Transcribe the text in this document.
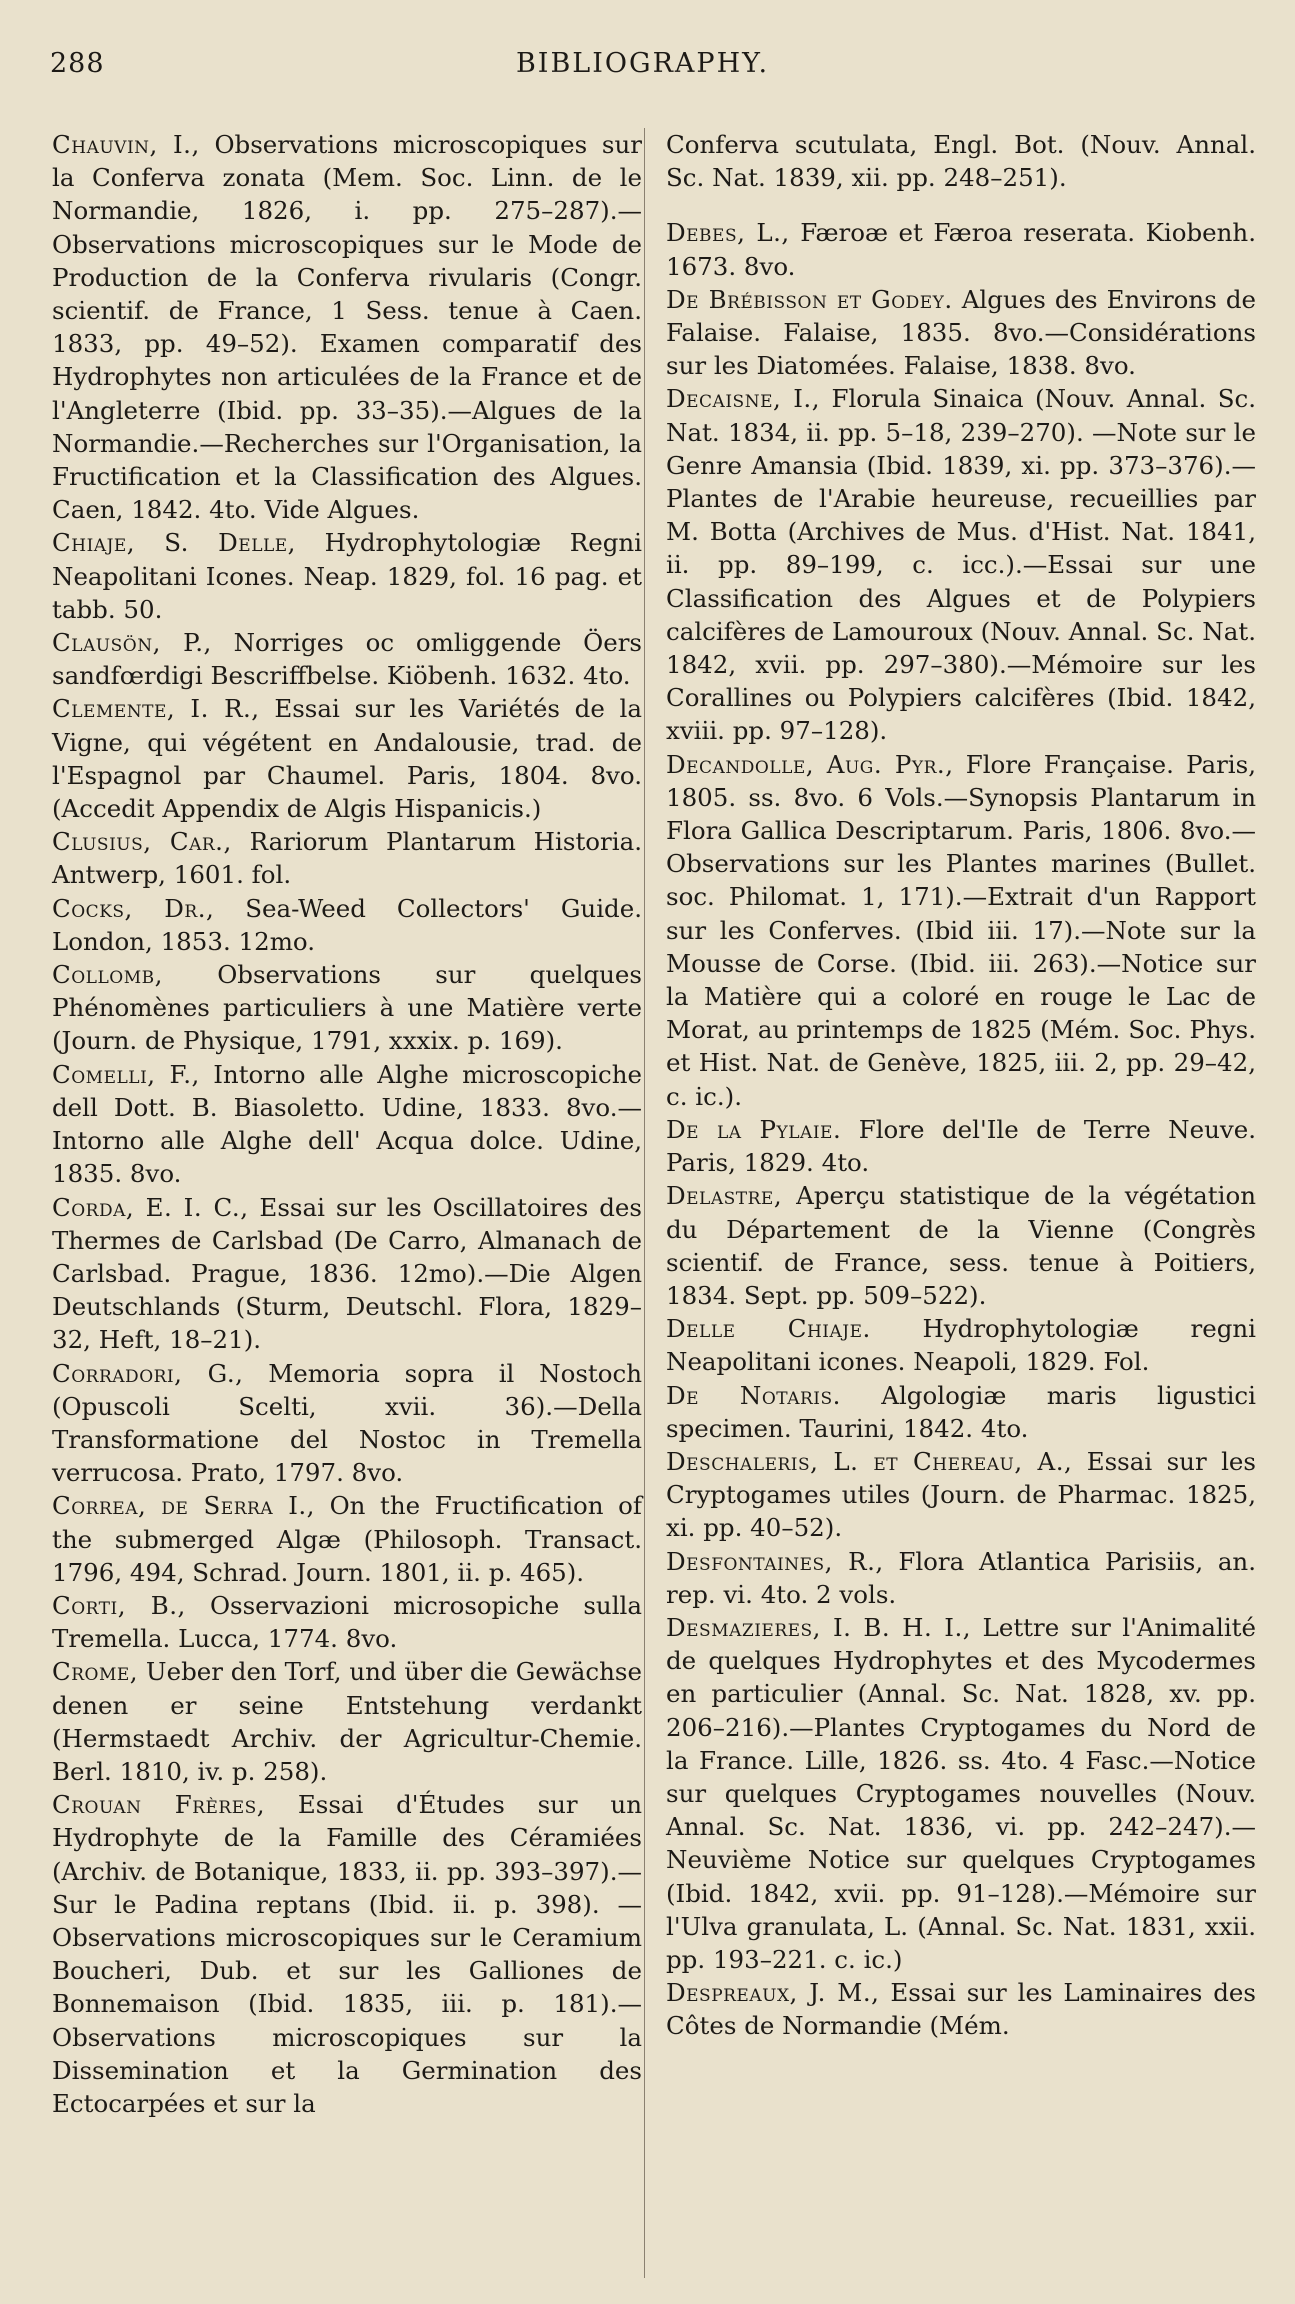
288	BIBLIOGRAPHY.
Chauvin, I., Observations microscopiques sur la Conferva zonata (Mem. Soc. Linn. de le Normandie, 1826, i. pp. 275–287).—Observations microscopiques sur le Mode de Production de la Conferva rivularis (Congr. scientif. de France, 1 Sess. tenue à Caen. 1833, pp. 49–52). Examen comparatif des Hydrophytes non articulées de la France et de l'Angleterre (Ibid. pp. 33–35).—Algues de la Normandie.—Recherches sur l'Organisation, la Fructification et la Classification des Algues. Caen, 1842. 4to. Vide Algues.
Chiaje, S. Delle, Hydrophytologiæ Regni Neapolitani Icones. Neap. 1829, fol. 16 pag. et tabb. 50.
Clausön, P., Norriges oc omliggende Öers sandfœrdigi Bescriffbelse. Kiöbenh. 1632. 4to.
Clemente, I. R., Essai sur les Variétés de la Vigne, qui végétent en Andalousie, trad. de l'Espagnol par Chaumel. Paris, 1804. 8vo. (Accedit Appendix de Algis Hispanicis.)
Clusius, Car., Rariorum Plantarum Historia. Antwerp, 1601. fol.
Cocks, Dr., Sea-Weed Collectors' Guide. London, 1853. 12mo.
Collomb, Observations sur quelques Phénomènes particuliers à une Matière verte (Journ. de Physique, 1791, xxxix. p. 169).
Comelli, F., Intorno alle Alghe microscopiche dell Dott. B. Biasoletto. Udine, 1833. 8vo.—Intorno alle Alghe dell' Acqua dolce. Udine, 1835. 8vo.
Corda, E. I. C., Essai sur les Oscillatoires des Thermes de Carlsbad (De Carro, Almanach de Carlsbad. Prague, 1836. 12mo).—Die Algen Deutschlands (Sturm, Deutschl. Flora, 1829–32, Heft, 18–21).
Corradori, G., Memoria sopra il Nostoch (Opuscoli Scelti, xvii. 36).—Della Transformatione del Nostoc in Tremella verrucosa. Prato, 1797. 8vo.
Correa, de Serra I., On the Fructification of the submerged Algæ (Philosoph. Transact. 1796, 494, Schrad. Journ. 1801, ii. p. 465).
Corti, B., Osservazioni microsopiche sulla Tremella. Lucca, 1774. 8vo.
Crome, Ueber den Torf, und über die Gewächse denen er seine Entstehung verdankt (Hermstaedt Archiv. der Agricultur-Chemie. Berl. 1810, iv. p. 258).
Crouan Frères, Essai d'Études sur un Hydrophyte de la Famille des Céramiées (Archiv. de Botanique, 1833, ii. pp. 393–397).—Sur le Padina reptans (Ibid. ii. p. 398). — Observations microscopiques sur le Ceramium Boucheri, Dub. et sur les Galliones de Bonnemaison (Ibid. 1835, iii. p. 181).—Observations microscopiques sur la Dissemination et la Germination des Ectocarpées et sur la
Conferva scutulata, Engl. Bot. (Nouv. Annal. Sc. Nat. 1839, xii. pp. 248–251).
Debes, L., Færoæ et Færoa reserata. Kiobenh. 1673. 8vo.
De Brébisson et Godey. Algues des Environs de Falaise. Falaise, 1835. 8vo.—Considérations sur les Diatomées. Falaise, 1838. 8vo.
Decaisne, I., Florula Sinaica (Nouv. Annal. Sc. Nat. 1834, ii. pp. 5–18, 239–270). —Note sur le Genre Amansia (Ibid. 1839, xi. pp. 373–376).—Plantes de l'Arabie heureuse, recueillies par M. Botta (Archives de Mus. d'Hist. Nat. 1841, ii. pp. 89–199, c. icc.).—Essai sur une Classification des Algues et de Polypiers calcifères de Lamouroux (Nouv. Annal. Sc. Nat. 1842, xvii. pp. 297–380).—Mémoire sur les Corallines ou Polypiers calcifères (Ibid. 1842, xviii. pp. 97–128).
Decandolle, Aug. Pyr., Flore Française. Paris, 1805. ss. 8vo. 6 Vols.—Synopsis Plantarum in Flora Gallica Descriptarum. Paris, 1806. 8vo.—Observations sur les Plantes marines (Bullet. soc. Philomat. 1, 171).—Extrait d'un Rapport sur les Conferves. (Ibid iii. 17).—Note sur la Mousse de Corse. (Ibid. iii. 263).—Notice sur la Matière qui a coloré en rouge le Lac de Morat, au printemps de 1825 (Mém. Soc. Phys. et Hist. Nat. de Genève, 1825, iii. 2, pp. 29–42, c. ic.).
De la Pylaie. Flore del'Ile de Terre Neuve. Paris, 1829. 4to.
Delastre, Aperçu statistique de la végétation du Département de la Vienne (Congrès scientif. de France, sess. tenue à Poitiers, 1834. Sept. pp. 509–522).
Delle Chiaje. Hydrophytologiæ regni Neapolitani icones. Neapoli, 1829. Fol.
De Notaris. Algologiæ maris ligustici specimen. Taurini, 1842. 4to.
Deschaleris, L. et Chereau, A., Essai sur les Cryptogames utiles (Journ. de Pharmac. 1825, xi. pp. 40–52).
Desfontaines, R., Flora Atlantica Parisiis, an. rep. vi. 4to. 2 vols.
Desmazieres, I. B. H. I., Lettre sur l'Animalité de quelques Hydrophytes et des Mycodermes en particulier (Annal. Sc. Nat. 1828, xv. pp. 206–216).—Plantes Cryptogames du Nord de la France. Lille, 1826. ss. 4to. 4 Fasc.—Notice sur quelques Cryptogames nouvelles (Nouv. Annal. Sc. Nat. 1836, vi. pp. 242–247).—Neuvième Notice sur quelques Cryptogames (Ibid. 1842, xvii. pp. 91–128).—Mémoire sur l'Ulva granulata, L. (Annal. Sc. Nat. 1831, xxii. pp. 193–221. c. ic.)
Despreaux, J. M., Essai sur les Laminaires des Côtes de Normandie (Mém.
